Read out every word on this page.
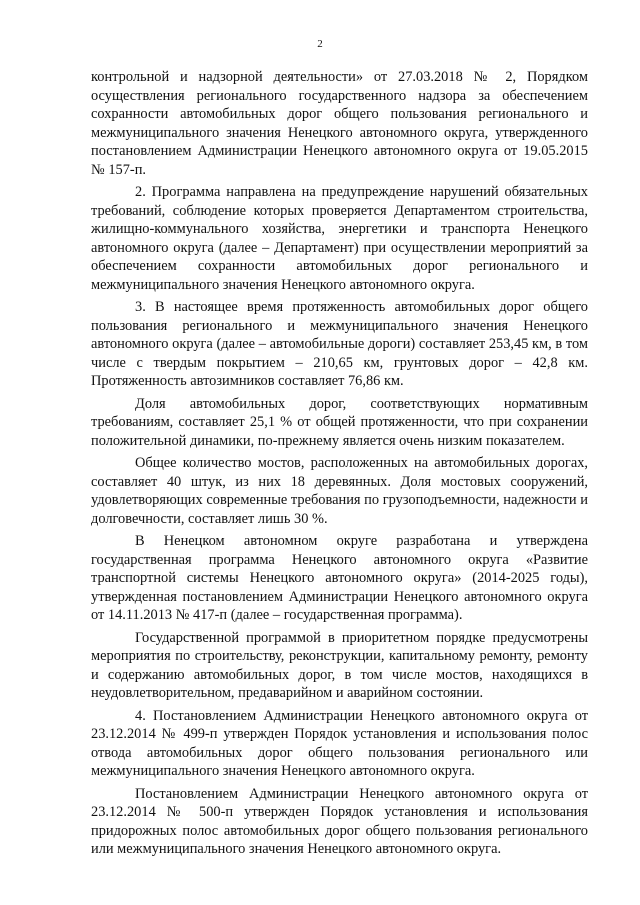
2

контрольной и надзорной деятельности» от 27.03.2018 № 2, Порядком осуществления регионального государственного надзора за обеспечением сохранности автомобильных дорог общего пользования регионального и межмуниципального значения Ненецкого автономного округа, утвержденного постановлением Администрации Ненецкого автономного округа от 19.05.2015 № 157-п.

2. Программа направлена на предупреждение нарушений обязательных требований, соблюдение которых проверяется Департаментом строительства, жилищно-коммунального хозяйства, энергетики и транспорта Ненецкого автономного округа (далее – Департамент) при осуществлении мероприятий за обеспечением сохранности автомобильных дорог регионального и межмуниципального значения Ненецкого автономного округа.

3. В настоящее время протяженность автомобильных дорог общего пользования регионального и межмуниципального значения Ненецкого автономного округа (далее – автомобильные дороги) составляет 253,45 км, в том числе с твердым покрытием – 210,65 км, грунтовых дорог – 42,8 км. Протяженность автозимников составляет 76,86 км.

Доля автомобильных дорог, соответствующих нормативным требованиям, составляет 25,1 % от общей протяженности, что при сохранении положительной динамики, по-прежнему является очень низким показателем.

Общее количество мостов, расположенных на автомобильных дорогах, составляет 40 штук, из них 18 деревянных. Доля мостовых сооружений, удовлетворяющих современные требования по грузоподъемности, надежности и долговечности, составляет лишь 30 %.

В Ненецком автономном округе разработана и утверждена государственная программа Ненецкого автономного округа «Развитие транспортной системы Ненецкого автономного округа» (2014-2025 годы), утвержденная постановлением Администрации Ненецкого автономного округа от 14.11.2013 № 417-п (далее – государственная программа).

Государственной программой в приоритетном порядке предусмотрены мероприятия по строительству, реконструкции, капитальному ремонту, ремонту и содержанию автомобильных дорог, в том числе мостов, находящихся в неудовлетворительном, предаварийном и аварийном состоянии.

4. Постановлением Администрации Ненецкого автономного округа от 23.12.2014 № 499-п утвержден Порядок установления и использования полос отвода автомобильных дорог общего пользования регионального или межмуниципального значения Ненецкого автономного округа.

Постановлением Администрации Ненецкого автономного округа от 23.12.2014 № 500-п утвержден Порядок установления и использования придорожных полос автомобильных дорог общего пользования регионального или межмуниципального значения Ненецкого автономного округа.
